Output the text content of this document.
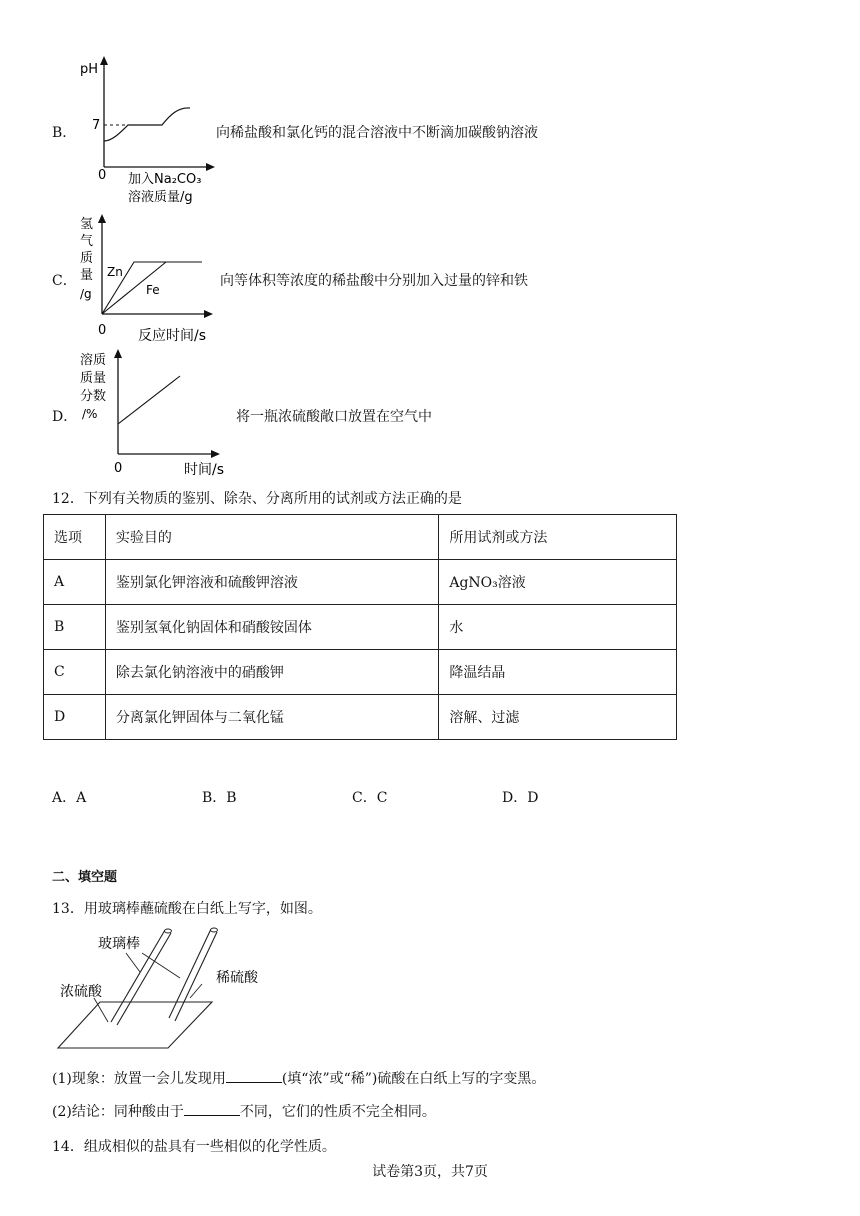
B．
pH
7
0 加入Na₂CO₃
溶液质量/g
向稀盐酸和氯化钙的混合溶液中不断滴加碳酸钠溶液
C．
氢
气
质
量
/g
Zn
Fe
0 反应时间/s
向等体积等浓度的稀盐酸中分别加入过量的锌和铁
D．
溶质
质量
分数
/%
0	时间/s
将一瓶浓硫酸敞口放置在空气中
12．下列有关物质的鉴别、除杂、分离所用的试剂或方法正确的是
选项	实验目的	所用试剂或方法
A	鉴别氯化钾溶液和硫酸钾溶液	AgNO₃溶液
B	鉴别氢氧化钠固体和硝酸铵固体	水
C	除去氯化钠溶液中的硝酸钾	降温结晶
D	分离氯化钾固体与二氧化锰	溶解、过滤
A．A	B．B	C．C	D．D
二、填空题
13．用玻璃棒蘸硫酸在白纸上写字，如图。
玻璃棒
浓硫酸
稀硫酸
(1)现象：放置一会儿发现用	(填“浓”或“稀”)硫酸在白纸上写的字变黑。
(2)结论：同种酸由于	不同，它们的性质不完全相同。
14．组成相似的盐具有一些相似的化学性质。
试卷第3页，共7页
